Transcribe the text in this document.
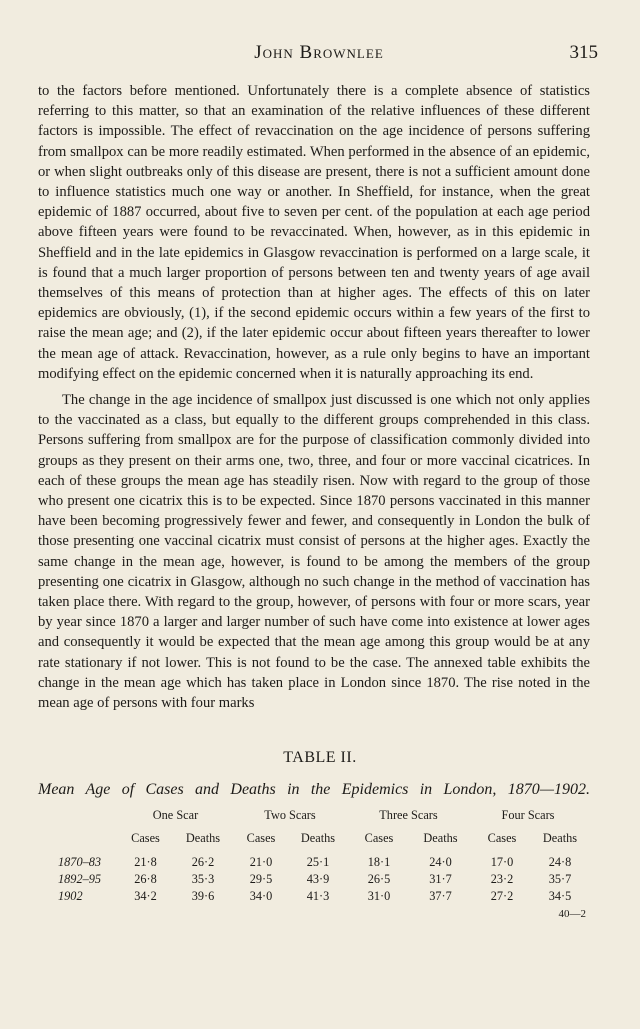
John Brownlee	315

to the factors before mentioned. Unfortunately there is a complete absence of statistics referring to this matter, so that an examination of the relative influences of these different factors is impossible. The effect of revaccination on the age incidence of persons suffering from smallpox can be more readily estimated. When performed in the absence of an epidemic, or when slight outbreaks only of this disease are present, there is not a sufficient amount done to influence statistics much one way or another. In Sheffield, for instance, when the great epidemic of 1887 occurred, about five to seven per cent. of the population at each age period above fifteen years were found to be revaccinated. When, however, as in this epidemic in Sheffield and in the late epidemics in Glasgow revaccination is performed on a large scale, it is found that a much larger proportion of persons between ten and twenty years of age avail themselves of this means of protection than at higher ages. The effects of this on later epidemics are obviously, (1), if the second epidemic occurs within a few years of the first to raise the mean age; and (2), if the later epidemic occur about fifteen years thereafter to lower the mean age of attack. Revaccination, however, as a rule only begins to have an important modifying effect on the epidemic concerned when it is naturally approaching its end.

The change in the age incidence of smallpox just discussed is one which not only applies to the vaccinated as a class, but equally to the different groups comprehended in this class. Persons suffering from smallpox are for the purpose of classification commonly divided into groups as they present on their arms one, two, three, and four or more vaccinal cicatrices. In each of these groups the mean age has steadily risen. Now with regard to the group of those who present one cicatrix this is to be expected. Since 1870 persons vaccinated in this manner have been becoming progressively fewer and fewer, and consequently in London the bulk of those presenting one vaccinal cicatrix must consist of persons at the higher ages. Exactly the same change in the mean age, however, is found to be among the members of the group presenting one cicatrix in Glasgow, although no such change in the method of vaccination has taken place there. With regard to the group, however, of persons with four or more scars, year by year since 1870 a larger and larger number of such have come into existence at lower ages and consequently it would be expected that the mean age among this group would be at any rate stationary if not lower. This is not found to be the case. The annexed table exhibits the change in the mean age which has taken place in London since 1870. The rise noted in the mean age of persons with four marks

TABLE II.
Mean Age of Cases and Deaths in the Epidemics in London, 1870—1902.
	One Scar		Two Scars		Three Scars		Four Scars	
	Cases	Deaths	Cases	Deaths	Cases	Deaths	Cases	Deaths
1870–83	21·8	26·2	21·0	25·1	18·1	24·0	17·0	24·8
1892–95	26·8	35·3	29·5	43·9	26·5	31·7	23·2	35·7
1902	34·2	39·6	34·0	41·3	31·0	37·7	27·2	34·5
40—2								
